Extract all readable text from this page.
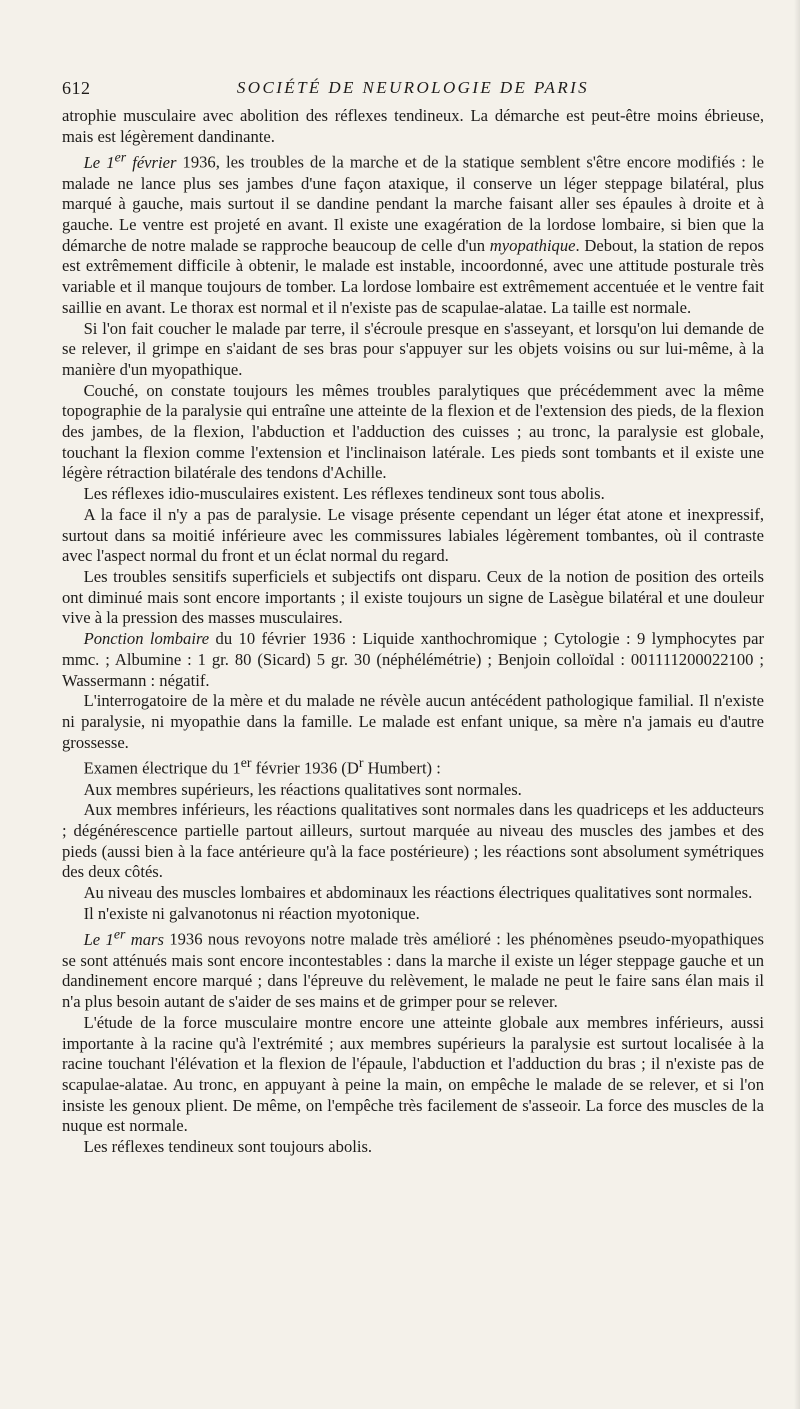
612	SOCIÉTÉ DE NEUROLOGIE DE PARIS

atrophie musculaire avec abolition des réflexes tendineux. La démarche est peut-être moins ébrieuse, mais est légèrement dandinante.

Le 1er février 1936, les troubles de la marche et de la statique semblent s'être encore modifiés : le malade ne lance plus ses jambes d'une façon ataxique, il conserve un léger steppage bilatéral, plus marqué à gauche, mais surtout il se dandine pendant la marche faisant aller ses épaules à droite et à gauche. Le ventre est projeté en avant. Il existe une exagération de la lordose lombaire, si bien que la démarche de notre malade se rapproche beaucoup de celle d'un myopathique. Debout, la station de repos est extrêmement difficile à obtenir, le malade est instable, incoordonné, avec une attitude posturale très variable et il manque toujours de tomber. La lordose lombaire est extrêmement accentuée et le ventre fait saillie en avant. Le thorax est normal et il n'existe pas de scapulae-alatae. La taille est normale.

Si l'on fait coucher le malade par terre, il s'écroule presque en s'asseyant, et lorsqu'on lui demande de se relever, il grimpe en s'aidant de ses bras pour s'appuyer sur les objets voisins ou sur lui-même, à la manière d'un myopathique.

Couché, on constate toujours les mêmes troubles paralytiques que précédemment avec la même topographie de la paralysie qui entraîne une atteinte de la flexion et de l'extension des pieds, de la flexion des jambes, de la flexion, l'abduction et l'adduction des cuisses ; au tronc, la paralysie est globale, touchant la flexion comme l'extension et l'inclinaison latérale. Les pieds sont tombants et il existe une légère rétraction bilatérale des tendons d'Achille.

Les réflexes idio-musculaires existent. Les réflexes tendineux sont tous abolis.

A la face il n'y a pas de paralysie. Le visage présente cependant un léger état atone et inexpressif, surtout dans sa moitié inférieure avec les commissures labiales légèrement tombantes, où il contraste avec l'aspect normal du front et un éclat normal du regard.

Les troubles sensitifs superficiels et subjectifs ont disparu. Ceux de la notion de position des orteils ont diminué mais sont encore importants ; il existe toujours un signe de Lasègue bilatéral et une douleur vive à la pression des masses musculaires.

Ponction lombaire du 10 février 1936 : Liquide xanthochromique ; Cytologie : 9 lymphocytes par mmc. ; Albumine : 1 gr. 80 (Sicard) 5 gr. 30 (néphélémétrie) ; Benjoin colloïdal : 001111200022100 ; Wassermann : négatif.

L'interrogatoire de la mère et du malade ne révèle aucun antécédent pathologique familial. Il n'existe ni paralysie, ni myopathie dans la famille. Le malade est enfant unique, sa mère n'a jamais eu d'autre grossesse.

Examen électrique du 1er février 1936 ($D^r$ Humbert) :

Aux membres supérieurs, les réactions qualitatives sont normales.

Aux membres inférieurs, les réactions qualitatives sont normales dans les quadriceps et les adducteurs ; dégénérescence partielle partout ailleurs, surtout marquée au niveau des muscles des jambes et des pieds (aussi bien à la face antérieure qu'à la face postérieure) ; les réactions sont absolument symétriques des deux côtés.

Au niveau des muscles lombaires et abdominaux les réactions électriques qualitatives sont normales.

Il n'existe ni galvanotonus ni réaction myotonique.

Le 1er mars 1936 nous revoyons notre malade très amélioré : les phénomènes pseudo-myopathiques se sont atténués mais sont encore incontestables : dans la marche il existe un léger steppage gauche et un dandinement encore marqué ; dans l'épreuve du relèvement, le malade ne peut le faire sans élan mais il n'a plus besoin autant de s'aider de ses mains et de grimper pour se relever.

L'étude de la force musculaire montre encore une atteinte globale aux membres inférieurs, aussi importante à la racine qu'à l'extrémité ; aux membres supérieurs la paralysie est surtout localisée à la racine touchant l'élévation et la flexion de l'épaule, l'abduction et l'adduction du bras ; il n'existe pas de scapulae-alatae. Au tronc, en appuyant à peine la main, on empêche le malade de se relever, et si l'on insiste les genoux plient. De même, on l'empêche très facilement de s'asseoir. La force des muscles de la nuque est normale.

Les réflexes tendineux sont toujours abolis.
